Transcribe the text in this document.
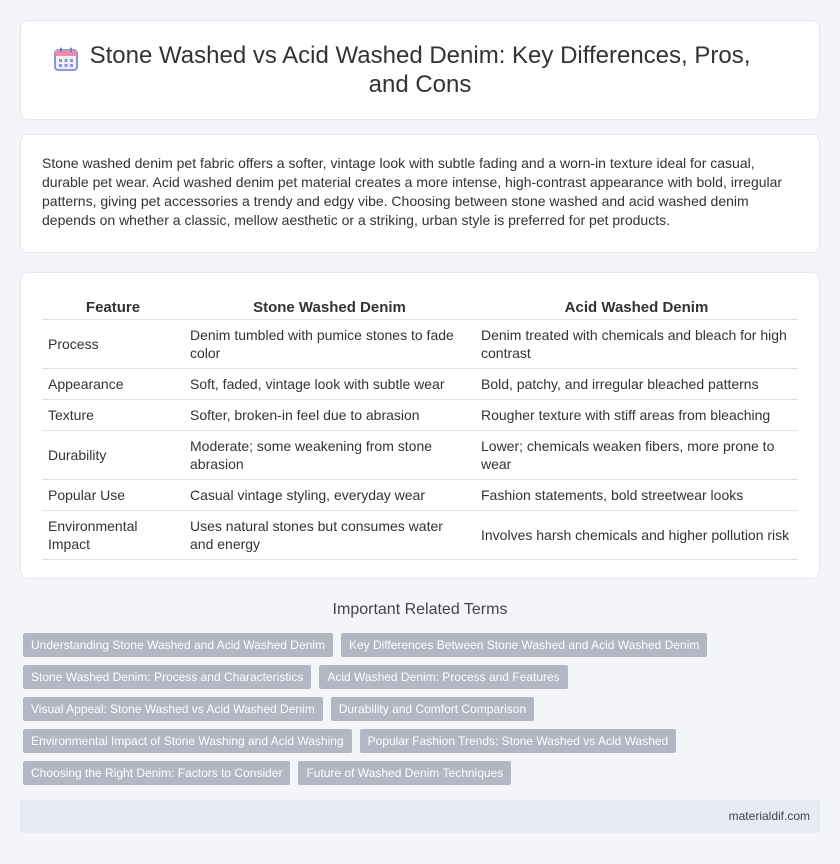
Stone Washed vs Acid Washed Denim: Key Differences, Pros, and Cons

Stone washed denim pet fabric offers a softer, vintage look with subtle fading and a worn-in texture ideal for casual, durable pet wear. Acid washed denim pet material creates a more intense, high-contrast appearance with bold, irregular patterns, giving pet accessories a trendy and edgy vibe. Choosing between stone washed and acid washed denim depends on whether a classic, mellow aesthetic or a striking, urban style is preferred for pet products.

Feature	Stone Washed Denim	Acid Washed Denim
Process	Denim tumbled with pumice stones to fade color	Denim treated with chemicals and bleach for high contrast
Appearance	Soft, faded, vintage look with subtle wear	Bold, patchy, and irregular bleached patterns
Texture	Softer, broken-in feel due to abrasion	Rougher texture with stiff areas from bleaching
Durability	Moderate; some weakening from stone abrasion	Lower; chemicals weaken fibers, more prone to wear
Popular Use	Casual vintage styling, everyday wear	Fashion statements, bold streetwear looks
Environmental Impact	Uses natural stones but consumes water and energy	Involves harsh chemicals and higher pollution risk
Important Related Terms
Understanding Stone Washed and Acid Washed Denim	Key Differences Between Stone Washed and Acid Washed Denim
Stone Washed Denim: Process and Characteristics	Acid Washed Denim: Process and Features
Visual Appeal: Stone Washed vs Acid Washed Denim	Durability and Comfort Comparison
Environmental Impact of Stone Washing and Acid Washing	Popular Fashion Trends: Stone Washed vs Acid Washed
Choosing the Right Denim: Factors to Consider	Future of Washed Denim Techniques
materialdif.com
